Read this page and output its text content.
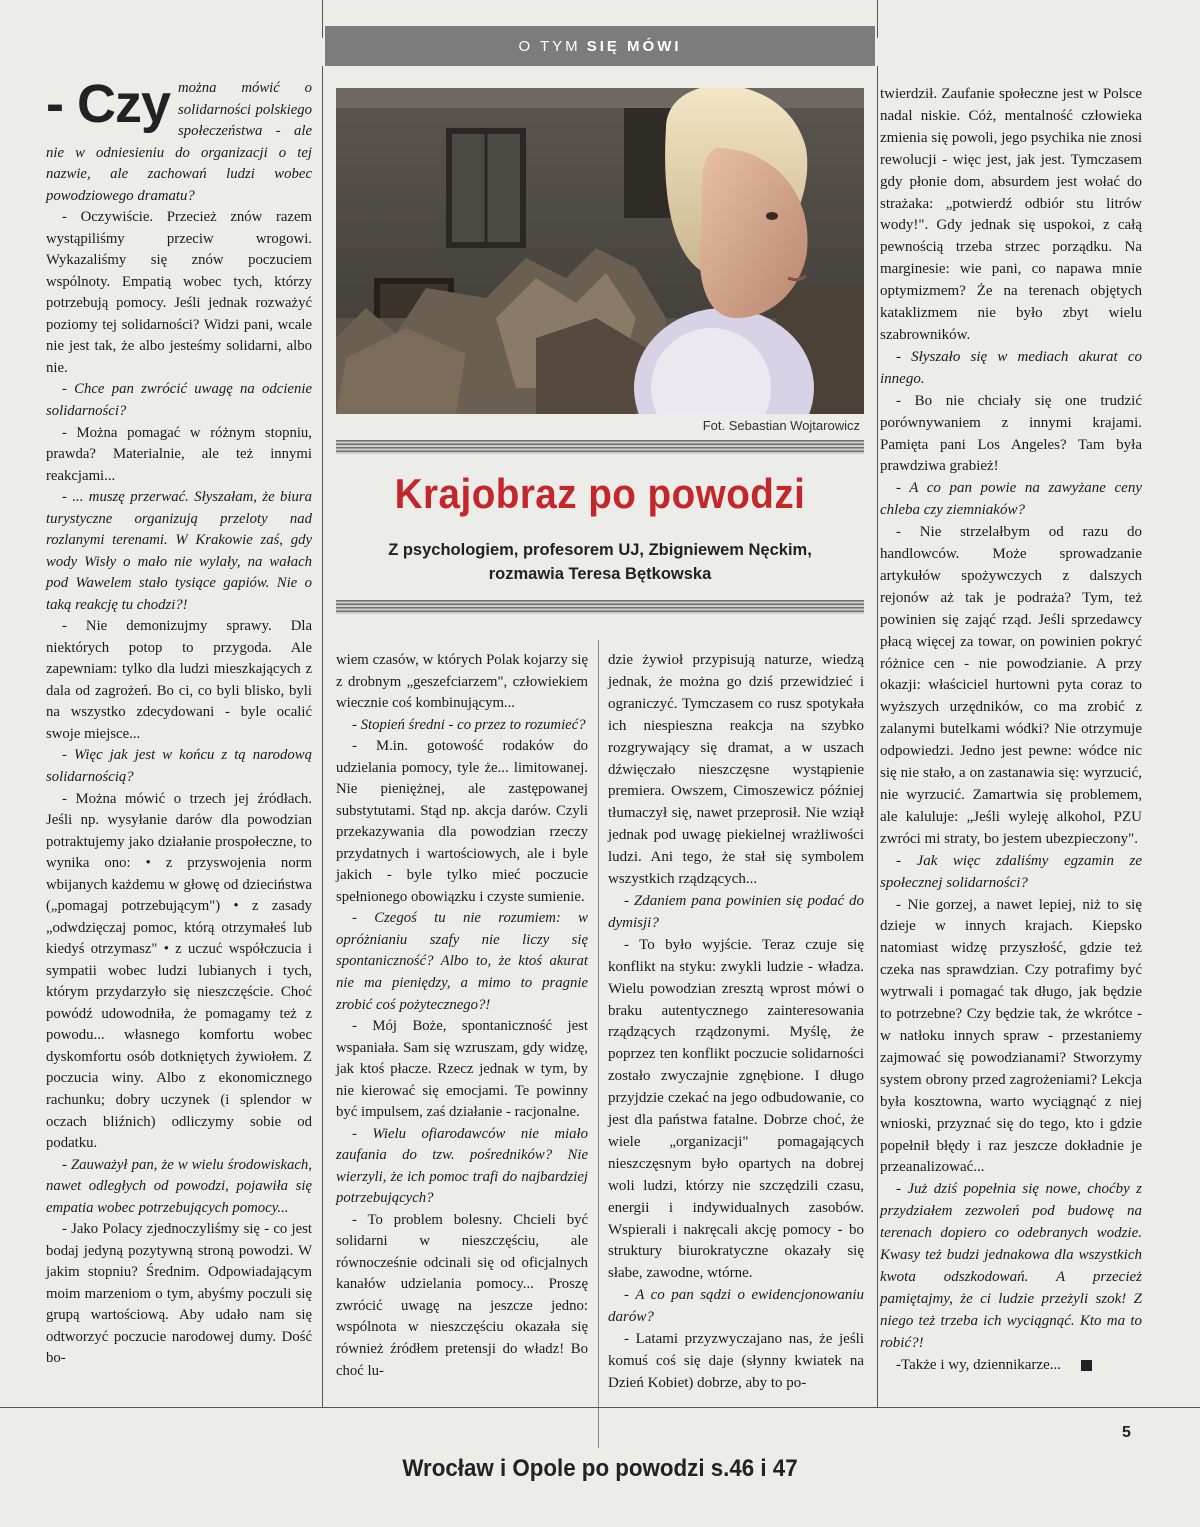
O TYM SIĘ MÓWI
Fot. Sebastian Wojtarowicz
Krajobraz po powodzi
Z psychologiem, profesorem UJ, Zbigniewem Nęckim,
rozmawia Teresa Bętkowska
- Czy można mówić o solidarności polskiego społeczeństwa - ale nie w odniesieniu do organizacji o tej nazwie, ale zachowań ludzi wobec powodziowego dramatu?

- Oczywiście. Przecież znów razem wystąpiliśmy przeciw wrogowi. Wykazaliśmy się znów poczuciem wspólnoty. Empatią wobec tych, którzy potrzebują pomocy. Jeśli jednak rozważyć poziomy tej solidarności? Widzi pani, wcale nie jest tak, że albo jesteśmy solidarni, albo nie.

- Chce pan zwrócić uwagę na odcienie solidarności?

- Można pomagać w różnym stopniu, prawda? Materialnie, ale też innymi reakcjami...

- ... muszę przerwać. Słyszałam, że biura turystyczne organizują przeloty nad rozlanymi terenami. W Krakowie zaś, gdy wody Wisły o mało nie wylały, na wałach pod Wawelem stało tysiące gapiów. Nie o taką reakcję tu chodzi?!

- Nie demonizujmy sprawy. Dla niektórych potop to przygoda. Ale zapewniam: tylko dla ludzi mieszkających z dala od zagrożeń. Bo ci, co byli blisko, byli na wszystko zdecydowani - byle ocalić swoje miejsce...

- Więc jak jest w końcu z tą narodową solidarnością?

- Można mówić o trzech jej źródłach. Jeśli np. wysyłanie darów dla powodzian potraktujemy jako działanie prospołeczne, to wynika ono: • z przyswojenia norm wbijanych każdemu w głowę od dzieciństwa („pomagaj potrzebującym") • z zasady „odwdzięczaj pomoc, którą otrzymałeś lub kiedyś otrzymasz" • z uczuć współczucia i sympatii wobec ludzi lubianych i tych, którym przydarzyło się nieszczęście. Choć powódź udowodniła, że pomagamy też z powodu... własnego komfortu wobec dyskomfortu osób dotkniętych żywiołem. Z poczucia winy. Albo z ekonomicznego rachunku; dobry uczynek (i splendor w oczach bliźnich) odliczymy sobie od podatku.

- Zauważył pan, że w wielu środowiskach, nawet odległych od powodzi, pojawiła się empatia wobec potrzebujących pomocy...

- Jako Polacy zjednoczyliśmy się - co jest bodaj jedyną pozytywną stroną powodzi. W jakim stopniu? Średnim. Odpowiadającym moim marzeniom o tym, abyśmy poczuli się grupą wartościową. Aby udało nam się odtworzyć poczucie narodowej dumy. Dość bo-

wiem czasów, w których Polak kojarzy się z drobnym „geszefciarzem", człowiekiem wiecznie coś kombinującym...

- Stopień średni - co przez to rozumieć?

- M.in. gotowość rodaków do udzielania pomocy, tyle że... limitowanej. Nie pieniężnej, ale zastępowanej substytutami. Stąd np. akcja darów. Czyli przekazywania dla powodzian rzeczy przydatnych i wartościowych, ale i byle jakich - byle tylko mieć poczucie spełnionego obowiązku i czyste sumienie.

- Czegoś tu nie rozumiem: w opróżnianiu szafy nie liczy się spontaniczność? Albo to, że ktoś akurat nie ma pieniędzy, a mimo to pragnie zrobić coś pożytecznego?!

- Mój Boże, spontaniczność jest wspaniała. Sam się wzruszam, gdy widzę, jak ktoś płacze. Rzecz jednak w tym, by nie kierować się emocjami. Te powinny być impulsem, zaś działanie - racjonalne.

- Wielu ofiarodawców nie miało zaufania do tzw. pośredników? Nie wierzyli, że ich pomoc trafi do najbardziej potrzebujących?

- To problem bolesny. Chcieli być solidarni w nieszczęściu, ale równocześnie odcinali się od oficjalnych kanałów udzielania pomocy... Proszę zwrócić uwagę na jeszcze jedno: wspólnota w nieszczęściu okazała się również źródłem pretensji do władz! Bo choć lu-

dzie żywioł przypisują naturze, wiedzą jednak, że można go dziś przewidzieć i ograniczyć. Tymczasem co rusz spotykała ich niespieszna reakcja na szybko rozgrywający się dramat, a w uszach dźwięczało nieszczęsne wystąpienie premiera. Owszem, Cimoszewicz później tłumaczył się, nawet przeprosił. Nie wziął jednak pod uwagę piekielnej wrażliwości ludzi. Ani tego, że stał się symbolem wszystkich rządzących...

- Zdaniem pana powinien się podać do dymisji?

- To było wyjście. Teraz czuje się konflikt na styku: zwykli ludzie - władza. Wielu powodzian zresztą wprost mówi o braku autentycznego zainteresowania rządzących rządzonymi. Myślę, że poprzez ten konflikt poczucie solidarności zostało zwyczajnie zgnębione. I długo przyjdzie czekać na jego odbudowanie, co jest dla państwa fatalne. Dobrze choć, że wiele „organizacji" pomagających nieszczęsnym było opartych na dobrej woli ludzi, którzy nie szczędzili czasu, energii i indywidualnych zasobów. Wspierali i nakręcali akcję pomocy - bo struktury biurokratyczne okazały się słabe, zawodne, wtórne.

- A co pan sądzi o ewidencjonowaniu darów?

- Latami przyzwyczajano nas, że jeśli komuś coś się daje (słynny kwiatek na Dzień Kobiet) dobrze, aby to po-

twierdził. Zaufanie społeczne jest w Polsce nadal niskie. Cóż, mentalność człowieka zmienia się powoli, jego psychika nie znosi rewolucji - więc jest, jak jest. Tymczasem gdy płonie dom, absurdem jest wołać do strażaka: „potwierdź odbiór stu litrów wody!". Gdy jednak się uspokoi, z całą pewnością trzeba strzec porządku. Na marginesie: wie pani, co napawa mnie optymizmem? Że na terenach objętych kataklizmem nie było zbyt wielu szabrowników.

- Słyszało się w mediach akurat co innego.

- Bo nie chciały się one trudzić porównywaniem z innymi krajami. Pamięta pani Los Angeles? Tam była prawdziwa grabież!

- A co pan powie na zawyżane ceny chleba czy ziemniaków?

- Nie strzelałbym od razu do handlowców. Może sprowadzanie artykułów spożywczych z dalszych rejonów aż tak je podraża? Tym, też powinien się zająć rząd. Jeśli sprzedawcy płacą więcej za towar, on powinien pokryć różnice cen - nie powodzianie. A przy okazji: właściciel hurtowni pyta coraz to wyższych urzędników, co ma zrobić z zalanymi butelkami wódki? Nie otrzymuje odpowiedzi. Jedno jest pewne: wódce nic się nie stało, a on zastanawia się: wyrzucić, nie wyrzucić. Zamartwia się problemem, ale kaluluje: „Jeśli wyleję alkohol, PZU zwróci mi straty, bo jestem ubezpieczony".

- Jak więc zdaliśmy egzamin ze społecznej solidarności?

- Nie gorzej, a nawet lepiej, niż to się dzieje w innych krajach. Kiepsko natomiast widzę przyszłość, gdzie też czeka nas sprawdzian. Czy potrafimy być wytrwali i pomagać tak długo, jak będzie to potrzebne? Czy będzie tak, że wkrótce - w natłoku innych spraw - przestaniemy zajmować się powodzianami? Stworzymy system obrony przed zagrożeniami? Lekcja była kosztowna, warto wyciągnąć z niej wnioski, przyznać się do tego, kto i gdzie popełnił błędy i raz jeszcze dokładnie je przeanalizować...

- Już dziś popełnia się nowe, choćby z przydziałem zezwoleń pod budowę na terenach dopiero co odebranych wodzie. Kwasy też budzi jednakowa dla wszystkich kwota odszkodowań. A przecież pamiętajmy, że ci ludzie przeżyli szok! Z niego też trzeba ich wyciągnąć. Kto ma to robić?!

-Także i wy, dziennikarze...

Wrocław i Opole po powodzi s.46 i 47
5
